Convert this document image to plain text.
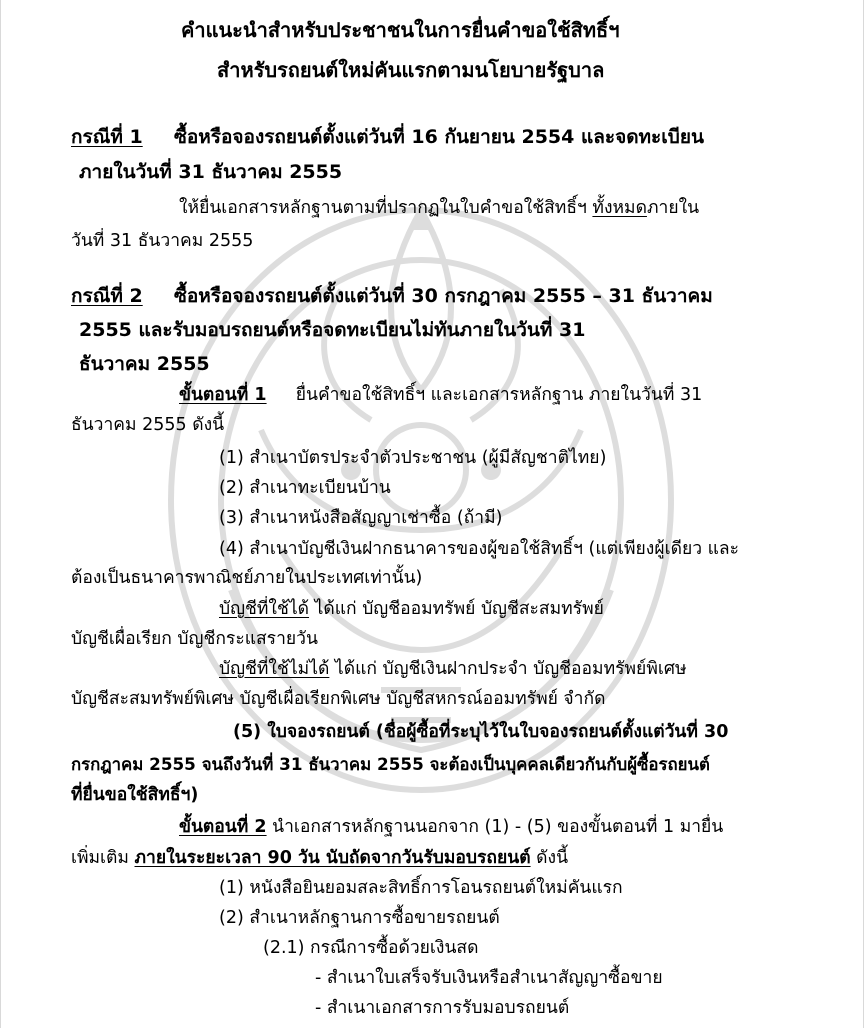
คำแนะนำสำหรับประชาชนในการยื่นคำขอใช้สิทธิ์ฯ
สำหรับรถยนต์ใหม่คันแรกตามนโยบายรัฐบาล
กรณีที่ 1 ซื้อหรือจองรถยนต์ตั้งแต่วันที่ 16 กันยายน 2554 และจดทะเบียน
ภายในวันที่ 31 ธันวาคม 2555
ให้ยื่นเอกสารหลักฐานตามที่ปรากฏในใบคำขอใช้สิทธิ์ฯ ทั้งหมดภายใน
วันที่ 31 ธันวาคม 2555
กรณีที่ 2 ซื้อหรือจองรถยนต์ตั้งแต่วันที่ 30 กรกฎาคม 2555 – 31 ธันวาคม
2555 และรับมอบรถยนต์หรือจดทะเบียนไม่ทันภายในวันที่ 31
ธันวาคม 2555
ขั้นตอนที่ 1 ยื่นคำขอใช้สิทธิ์ฯ และเอกสารหลักฐาน ภายในวันที่ 31
ธันวาคม 2555 ดังนี้
(1) สำเนาบัตรประจำตัวประชาชน (ผู้มีสัญชาติไทย)
(2) สำเนาทะเบียนบ้าน
(3) สำเนาหนังสือสัญญาเช่าซื้อ (ถ้ามี)
(4) สำเนาบัญชีเงินฝากธนาคารของผู้ขอใช้สิทธิ์ฯ (แต่เพียงผู้เดียว และ
ต้องเป็นธนาคารพาณิชย์ภายในประเทศเท่านั้น)
บัญชีที่ใช้ได้ ได้แก่ บัญชีออมทรัพย์ บัญชีสะสมทรัพย์
บัญชีเผื่อเรียก บัญชีกระแสรายวัน
บัญชีที่ใช้ไม่ได้ ได้แก่ บัญชีเงินฝากประจำ บัญชีออมทรัพย์พิเศษ
บัญชีสะสมทรัพย์พิเศษ บัญชีเผื่อเรียกพิเศษ บัญชีสหกรณ์ออมทรัพย์ จำกัด
(5) ใบจองรถยนต์ (ชื่อผู้ซื้อที่ระบุไว้ในใบจองรถยนต์ตั้งแต่วันที่ 30
กรกฎาคม 2555 จนถึงวันที่ 31 ธันวาคม 2555 จะต้องเป็นบุคคลเดียวกันกับผู้ซื้อรถยนต์
ที่ยื่นขอใช้สิทธิ์ฯ)
ขั้นตอนที่ 2 นำเอกสารหลักฐานนอกจาก (1) - (5) ของขั้นตอนที่ 1 มายื่น
เพิ่มเติม ภายในระยะเวลา 90 วัน นับถัดจากวันรับมอบรถยนต์ ดังนี้
(1) หนังสือยินยอมสละสิทธิ์การโอนรถยนต์ใหม่คันแรก
(2) สำเนาหลักฐานการซื้อขายรถยนต์
(2.1) กรณีการซื้อด้วยเงินสด
- สำเนาใบเสร็จรับเงินหรือสำเนาสัญญาซื้อขาย
- สำเนาเอกสารการรับมอบรถยนต์
